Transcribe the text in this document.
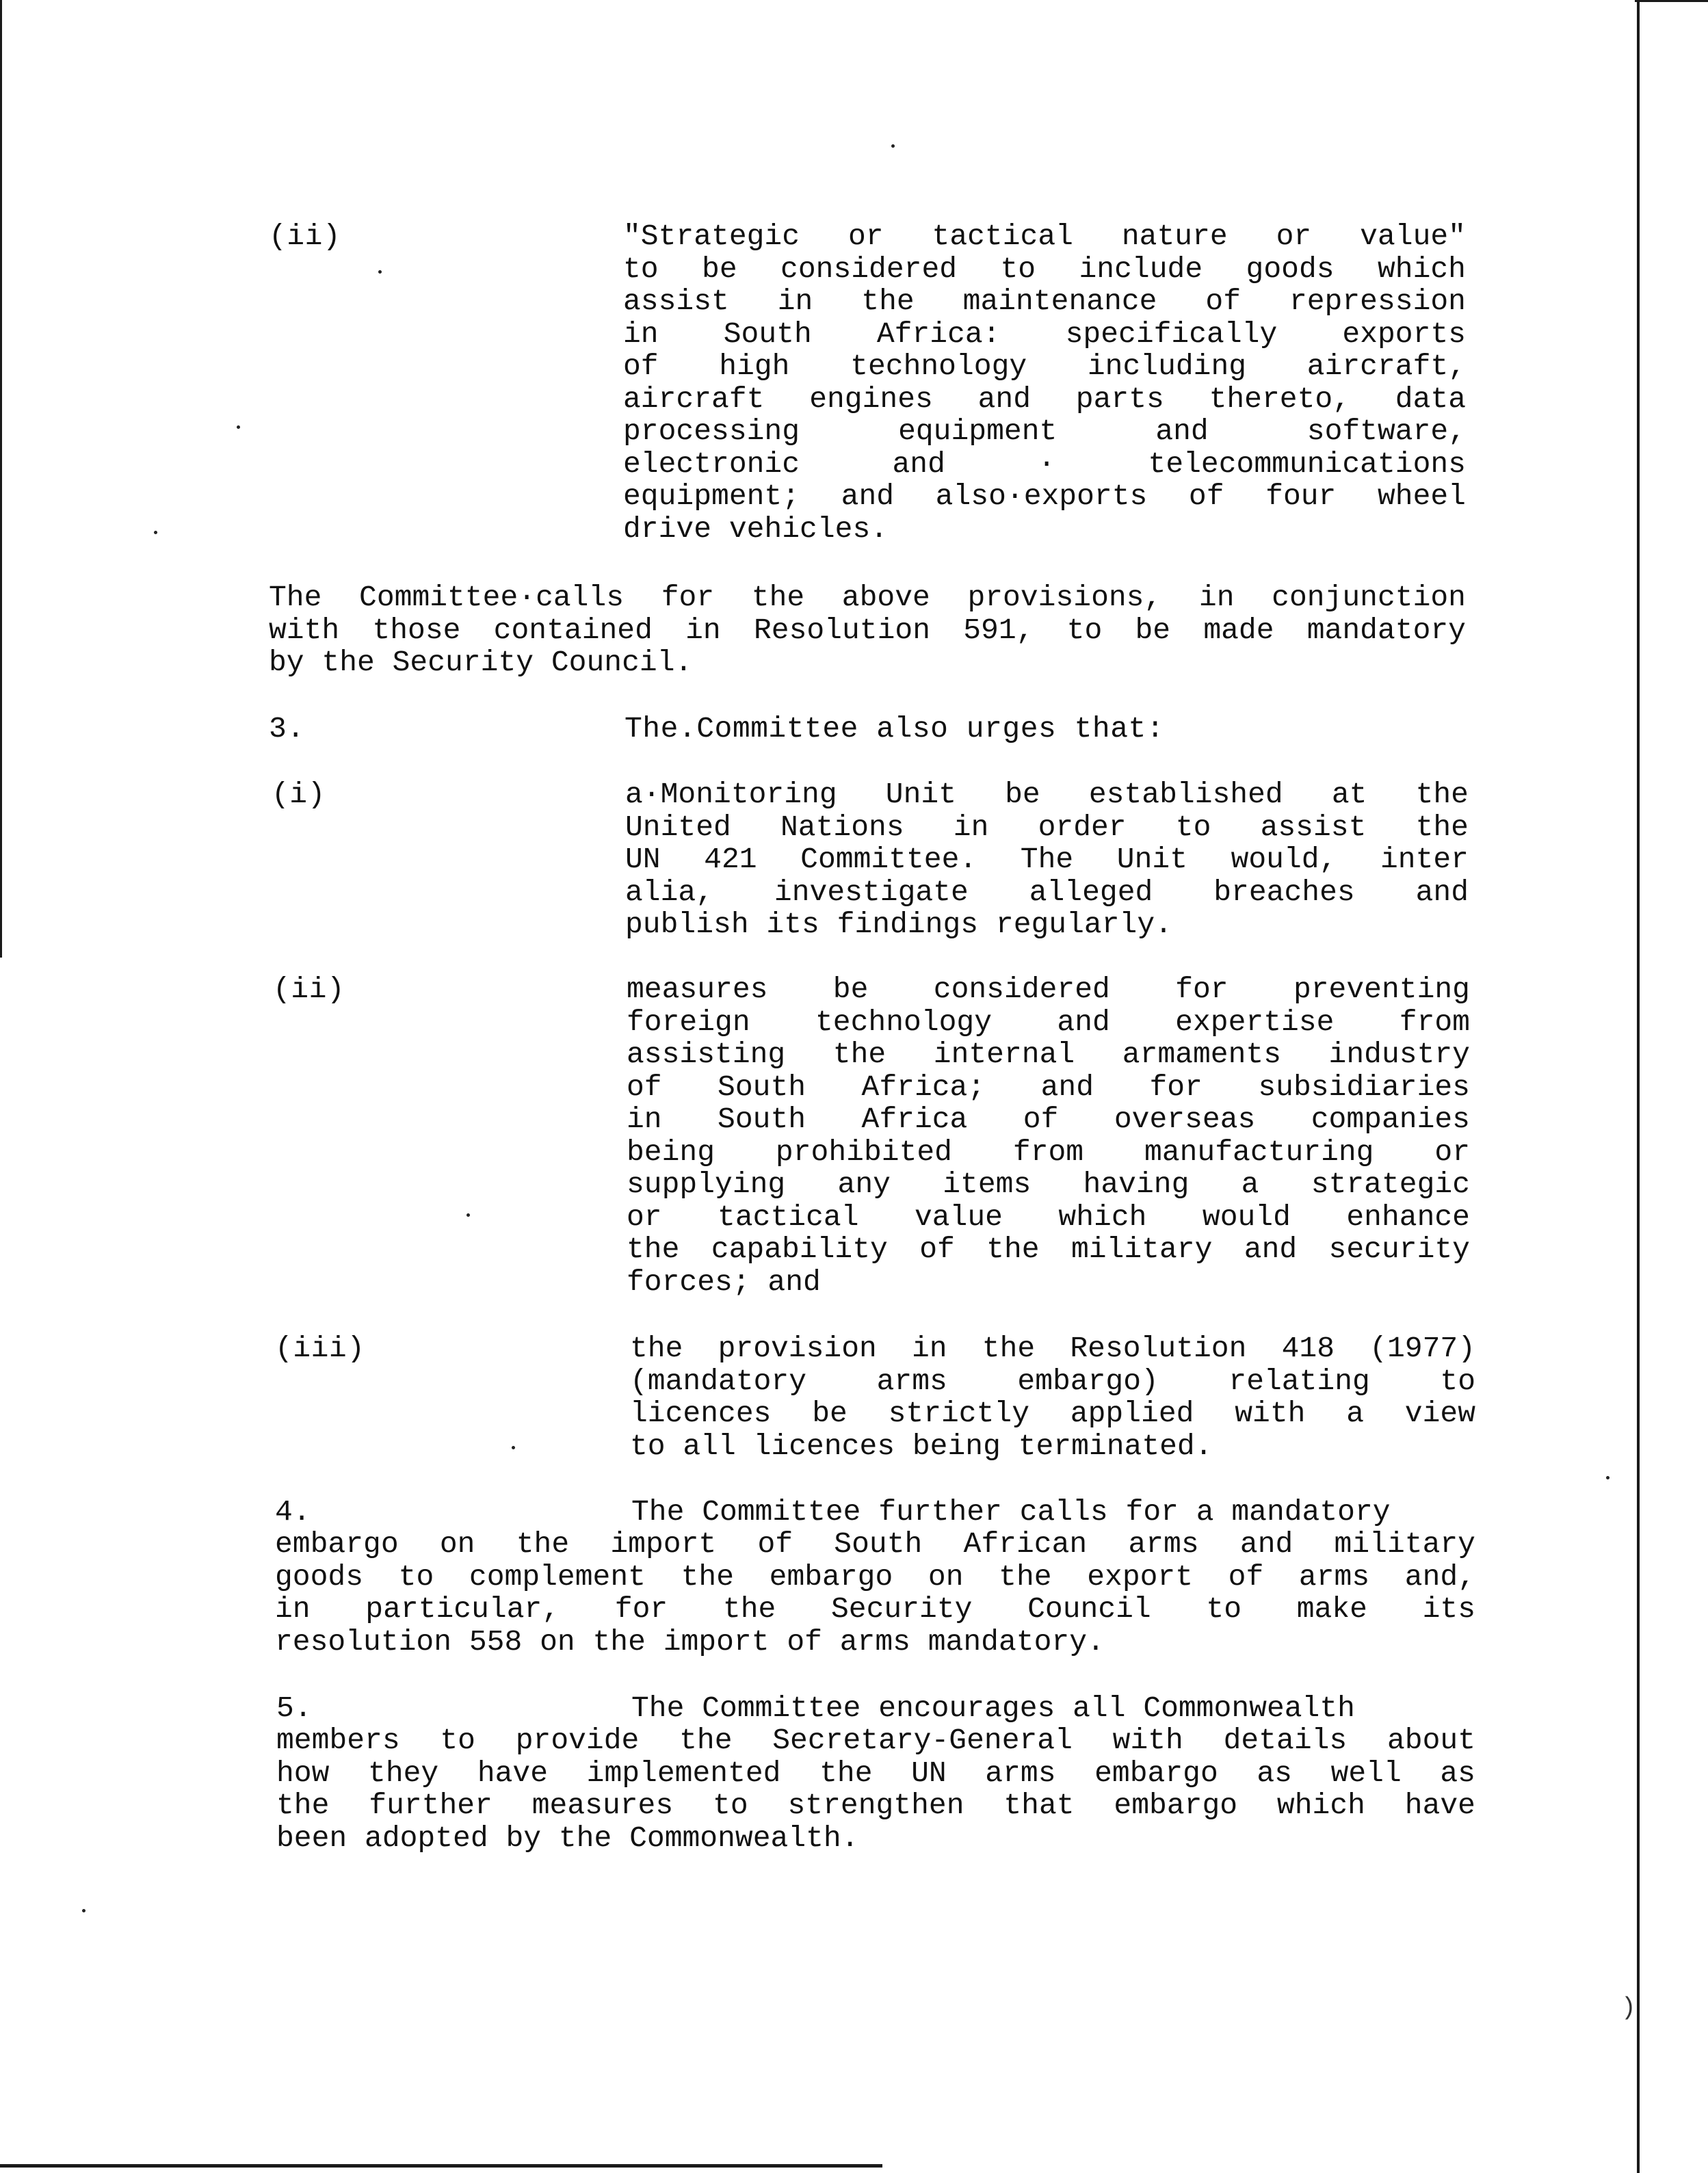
(ii)	"Strategic or tactical nature or value"
to be considered to include goods which
assist in the maintenance of repression
in South Africa: specifically exports
of high technology including aircraft,
aircraft engines and parts thereto, data
processing equipment and software,
electronic and · telecommunications
equipment; and also·exports of four wheel
drive vehicles.
The Committee·calls for the above provisions, in conjunction
with those contained in Resolution 591, to be made mandatory
by the Security Council.
3.	The.Committee also urges that:
(i)	a·Monitoring Unit be established at the
United Nations in order to assist the
UN 421 Committee. The Unit would, inter
alia, investigate alleged breaches and
publish its findings regularly.
(ii)	measures be considered for preventing
foreign technology and expertise from
assisting the internal armaments industry
of South Africa; and for subsidiaries
in South Africa of overseas companies
being prohibited from manufacturing or
supplying any items having a strategic
or tactical value which would enhance
the capability of the military and security
forces; and
(iii)	the provision in the Resolution 418 (1977)
(mandatory arms embargo) relating to
licences be strictly applied with a view
to all licences being terminated.
4.	The Committee further calls for a mandatory
embargo on the import of South African arms and military
goods to complement the embargo on the export of arms and,
in particular, for the Security Council to make its
resolution 558 on the import of arms mandatory.
5.	The Committee encourages all Commonwealth
members to provide the Secretary-General with details about
how they have implemented the UN arms embargo as well as
the further measures to strengthen that embargo which have
been adopted by the Commonwealth.
)
